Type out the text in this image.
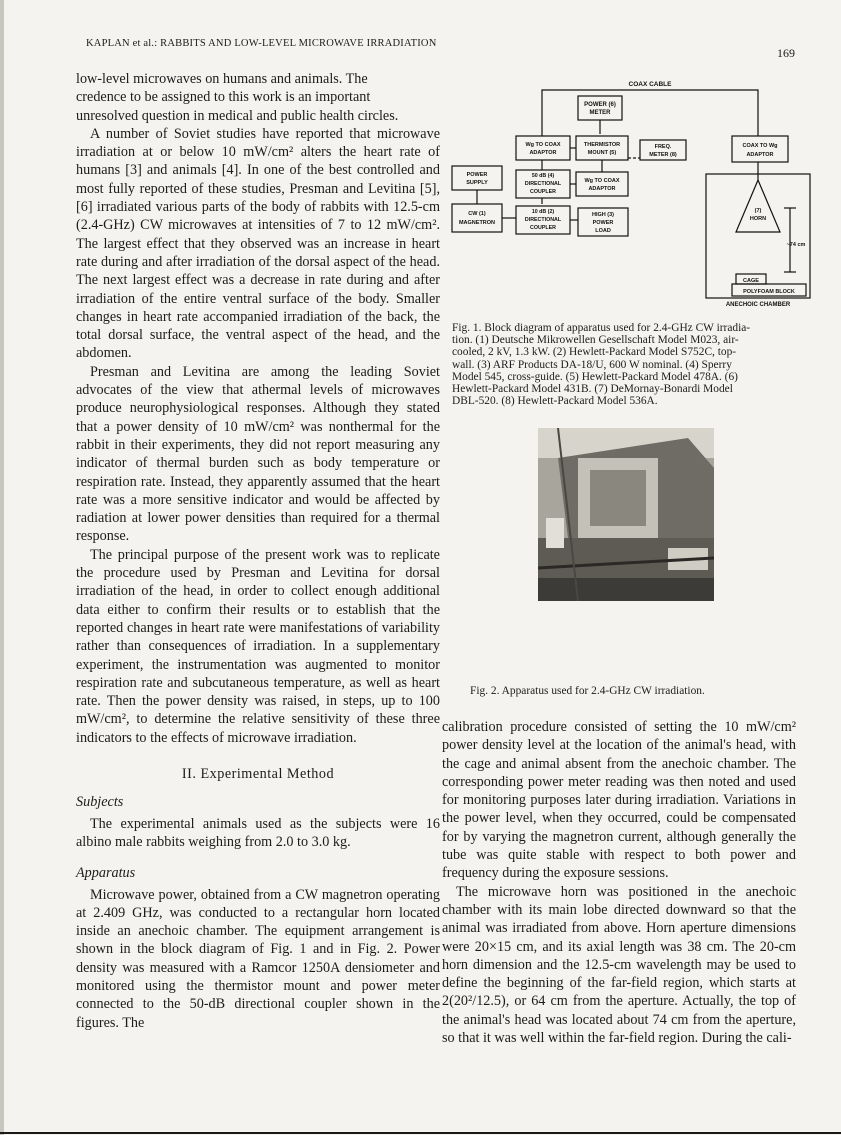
KAPLAN et al.: RABBITS AND LOW-LEVEL MICROWAVE IRRADIATION
169

low-level microwaves on humans and animals. The
credence to be assigned to this work is an important
unresolved question in medical and public health circles.

A number of Soviet studies have reported that microwave irradiation at or below 10 mW/cm² alters the heart rate of humans [3] and animals [4]. In one of the best controlled and most fully reported of these studies, Presman and Levitina [5], [6] irradiated various parts of the body of rabbits with 12.5-cm (2.4-GHz) CW microwaves at intensities of 7 to 12 mW/cm². The largest effect that they observed was an increase in heart rate during and after irradiation of the dorsal aspect of the head. The next largest effect was a decrease in rate during and after irradiation of the entire ventral surface of the body. Smaller changes in heart rate accompanied irradiation of the back, the total dorsal surface, the ventral aspect of the head, and the abdomen.

Presman and Levitina are among the leading Soviet advocates of the view that athermal levels of microwaves produce neurophysiological responses. Although they stated that a power density of 10 mW/cm² was nonthermal for the rabbit in their experiments, they did not report measuring any indicator of thermal burden such as body temperature or respiration rate. Instead, they apparently assumed that the heart rate was a more sensitive indicator and would be affected by radiation at lower power densities than required for a thermal response.

The principal purpose of the present work was to replicate the procedure used by Presman and Levitina for dorsal irradiation of the head, in order to collect enough additional data either to confirm their results or to establish that the reported changes in heart rate were manifestations of variability rather than consequences of irradiation. In a supplementary experiment, the instrumentation was augmented to monitor respiration rate and subcutaneous temperature, as well as heart rate. Then the power density was raised, in steps, up to 100 mW/cm², to determine the relative sensitivity of these three indicators to the effects of microwave irradiation.

II. Experimental Method
Subjects

The experimental animals used as the subjects were 16 albino male rabbits weighing from 2.0 to 3.0 kg.

Apparatus

Microwave power, obtained from a CW magnetron operating at 2.409 GHz, was conducted to a rectangular horn located inside an anechoic chamber. The equipment arrangement is shown in the block diagram of Fig. 1 and in Fig. 2. Power density was measured with a Ramcor 1250A densiometer and monitored using the thermistor mount and power meter connected to the 50-dB directional coupler shown in the figures. The

COAX CABLE
POWER (6)
METER
Wg TO COAX
ADAPTOR
THERMISTOR
MOUNT (5)
FREQ.
METER (8)
COAX TO Wg
ADAPTOR
POWER
SUPPLY
50 dB (4)
DIRECTIONAL
COUPLER
Wg TO COAX
ADAPTOR
(7)
HORN
CW (1)
MAGNETRON
10 dB (2)
DIRECTIONAL
COUPLER
HIGH (3)
POWER
LOAD
~74 cm
CAGE
POLYFOAM BLOCK
ANECHOIC CHAMBER
Fig. 1. Block diagram of apparatus used for 2.4-GHz CW irradia-
tion. (1) Deutsche Mikrowellen Gesellschaft Model M023, air-
cooled, 2 kV, 1.3 kW. (2) Hewlett-Packard Model S752C, top-
wall. (3) ARF Products DA-18/U, 600 W nominal. (4) Sperry
Model 545, cross-guide. (5) Hewlett-Packard Model 478A. (6)
Hewlett-Packard Model 431B. (7) DeMornay-Bonardi Model
DBL-520. (8) Hewlett-Packard Model 536A.
Fig. 2. Apparatus used for 2.4-GHz CW irradiation.

calibration procedure consisted of setting the 10 mW/cm² power density level at the location of the animal's head, with the cage and animal absent from the anechoic chamber. The corresponding power meter reading was then noted and used for monitoring purposes later during irradiation. Variations in the power level, when they occurred, could be compensated for by varying the magnetron current, although generally the tube was quite stable with respect to both power and frequency during the exposure sessions.

The microwave horn was positioned in the anechoic chamber with its main lobe directed downward so that the animal was irradiated from above. Horn aperture dimensions were 20×15 cm, and its axial length was 38 cm. The 20-cm horn dimension and the 12.5-cm wavelength may be used to define the beginning of the far-field region, which starts at 2(20²/12.5), or 64 cm from the aperture. Actually, the top of the animal's head was located about 74 cm from the aperture, so that it was well within the far-field region. During the cali-
